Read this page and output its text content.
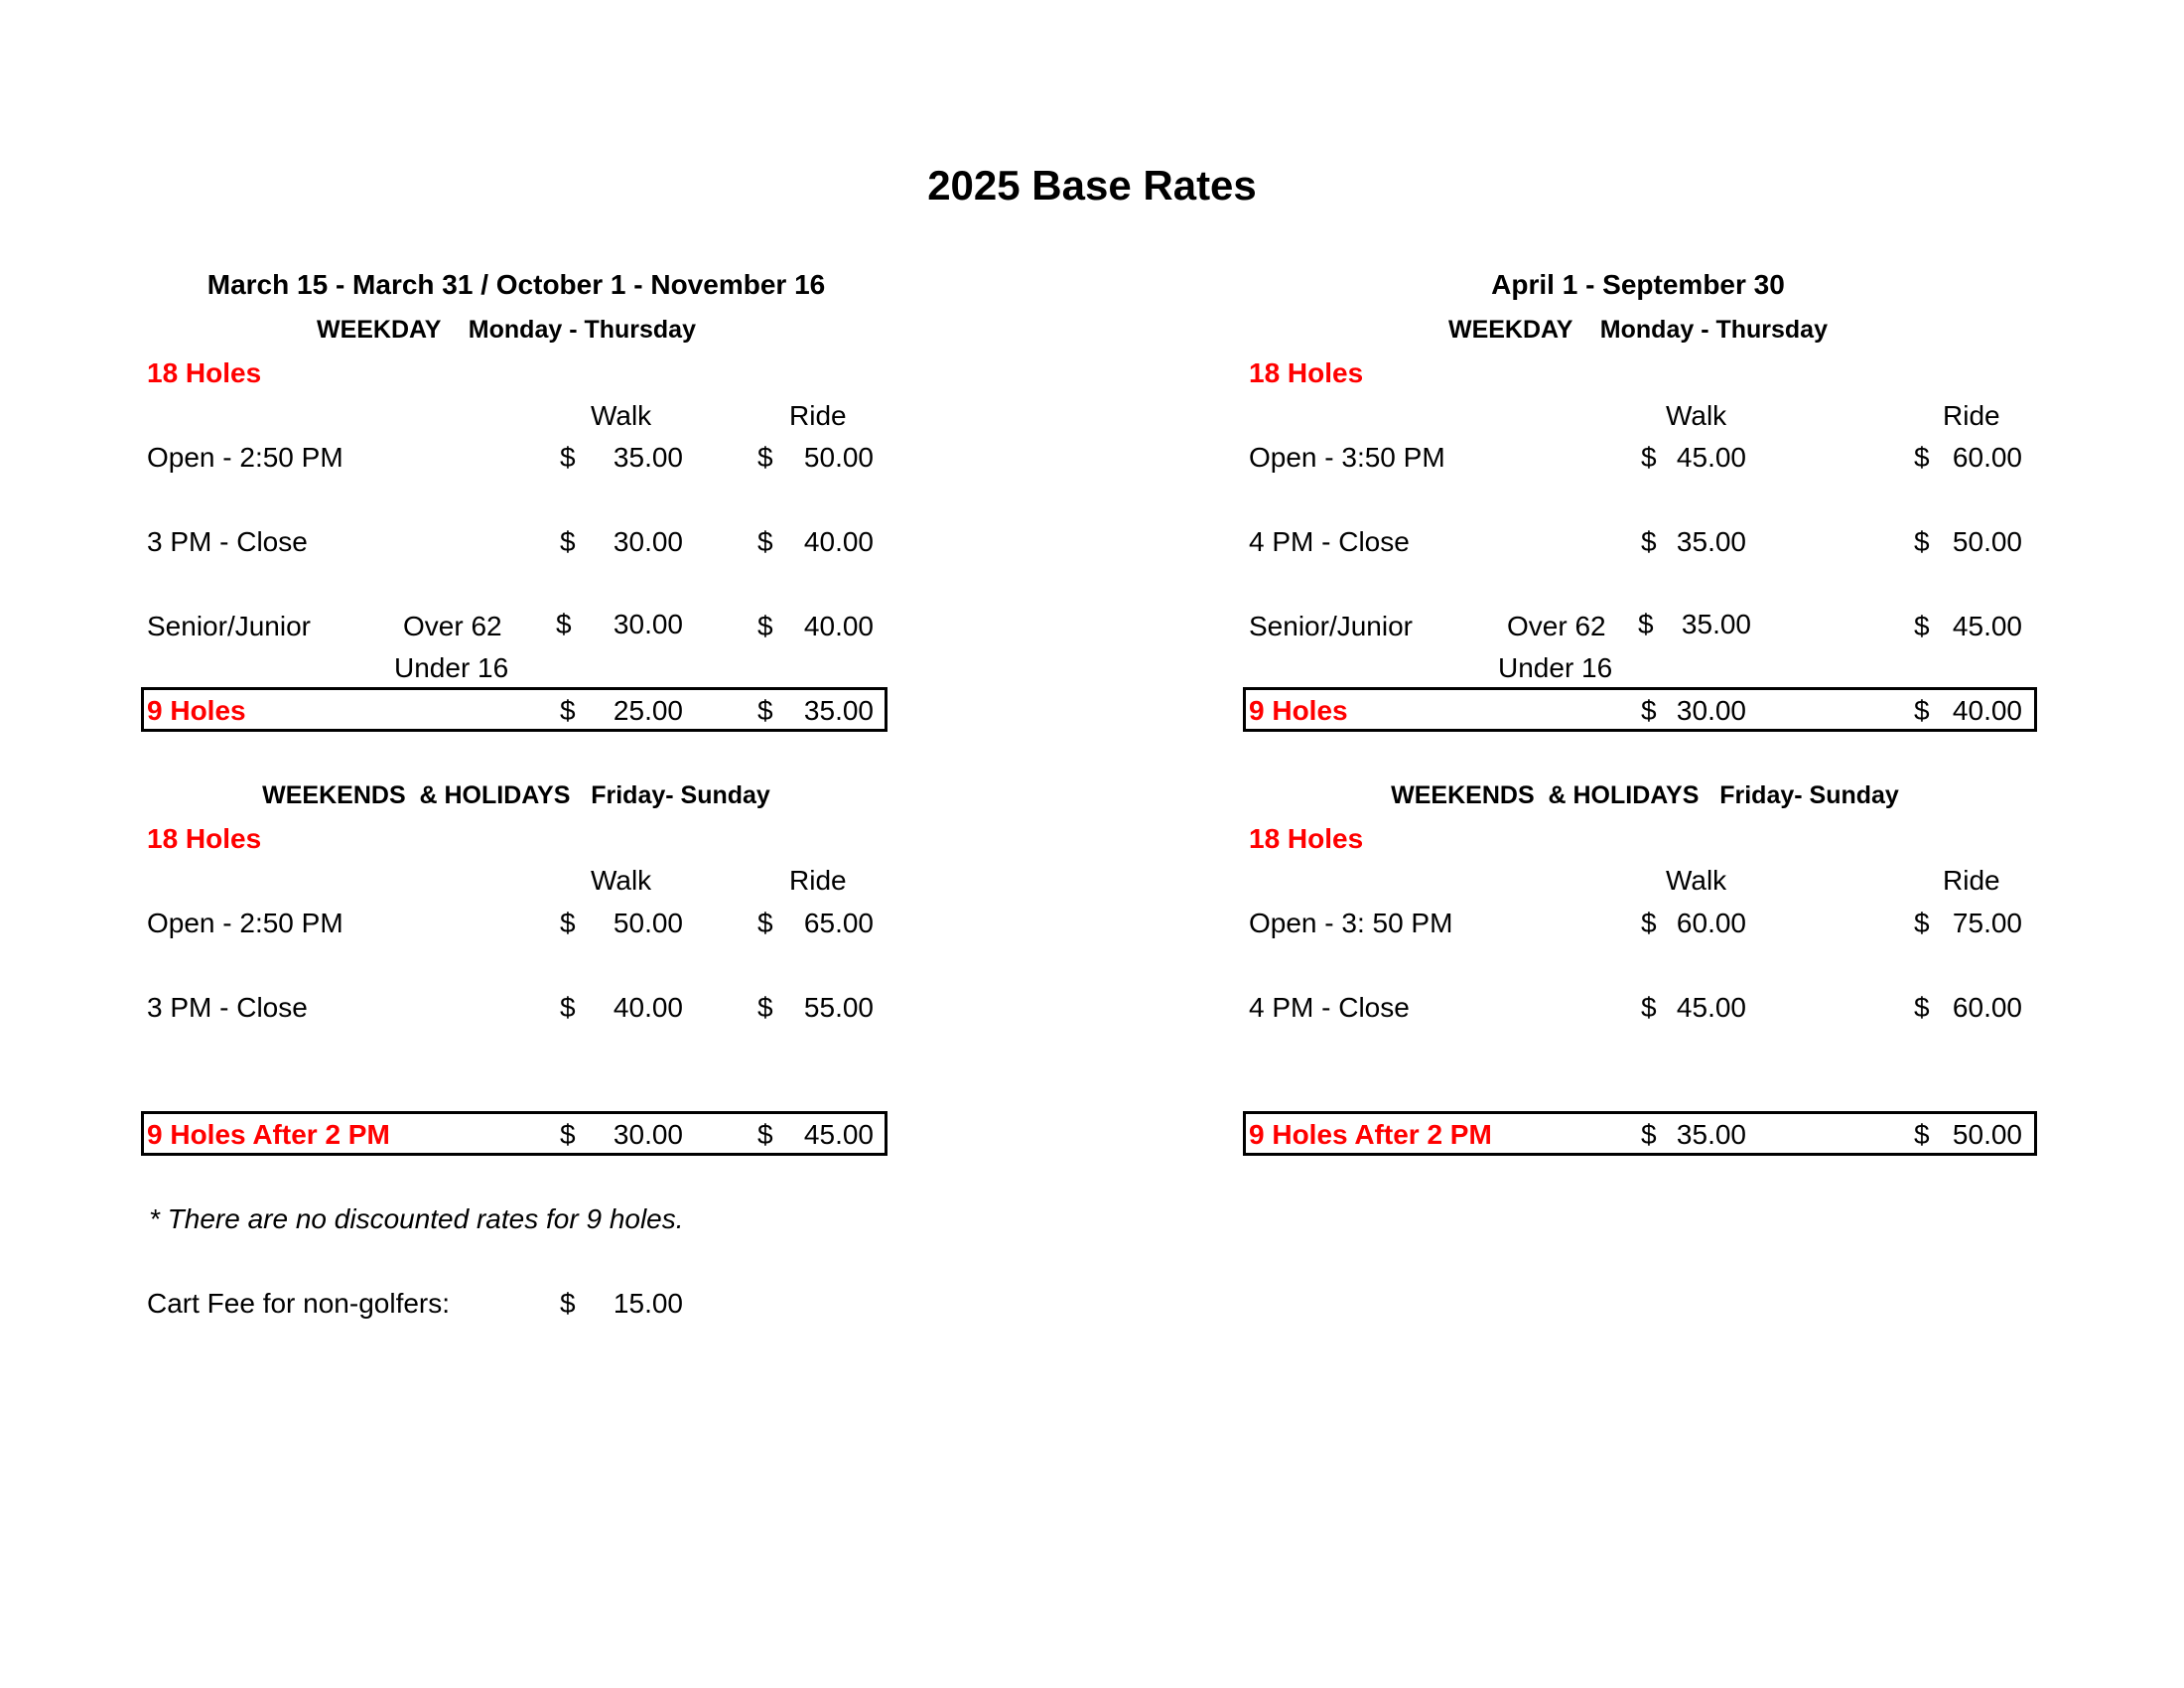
2025 Base Rates
March 15 - March 31 / October 1 - November 16
WEEKDAY    Monday - Thursday
18 Holes
Walk	Ride
Open - 2:50 PM	$	35.00	$	50.00
3 PM - Close	$	30.00	$	40.00
Senior/Junior	Over 62 $	30.00	$	40.00
Under 16
9 Holes	$	25.00	$	35.00
WEEKENDS  & HOLIDAYS   Friday- Sunday
18 Holes
Walk	Ride
Open - 2:50 PM	$	50.00	$	65.00
3 PM - Close	$	40.00	$	55.00
9 Holes After 2 PM	$	30.00	$	45.00
* There are no discounted rates for 9 holes.
Cart Fee for non-golfers:	$	15.00
April 1 - September 30
WEEKDAY    Monday - Thursday
18 Holes
Walk	Ride
Open - 3:50 PM	$ 45.00	$ 60.00
4 PM - Close	$ 35.00	$ 50.00
Senior/Junior	Over 62 $	35.00	$ 45.00
Under 16
9 Holes	$ 30.00	$ 40.00
WEEKENDS  & HOLIDAYS   Friday- Sunday
18 Holes
Walk	Ride
Open - 3: 50 PM	$ 60.00	$ 75.00
4 PM - Close	$ 45.00	$ 60.00
9 Holes After 2 PM	$ 35.00	$ 50.00
